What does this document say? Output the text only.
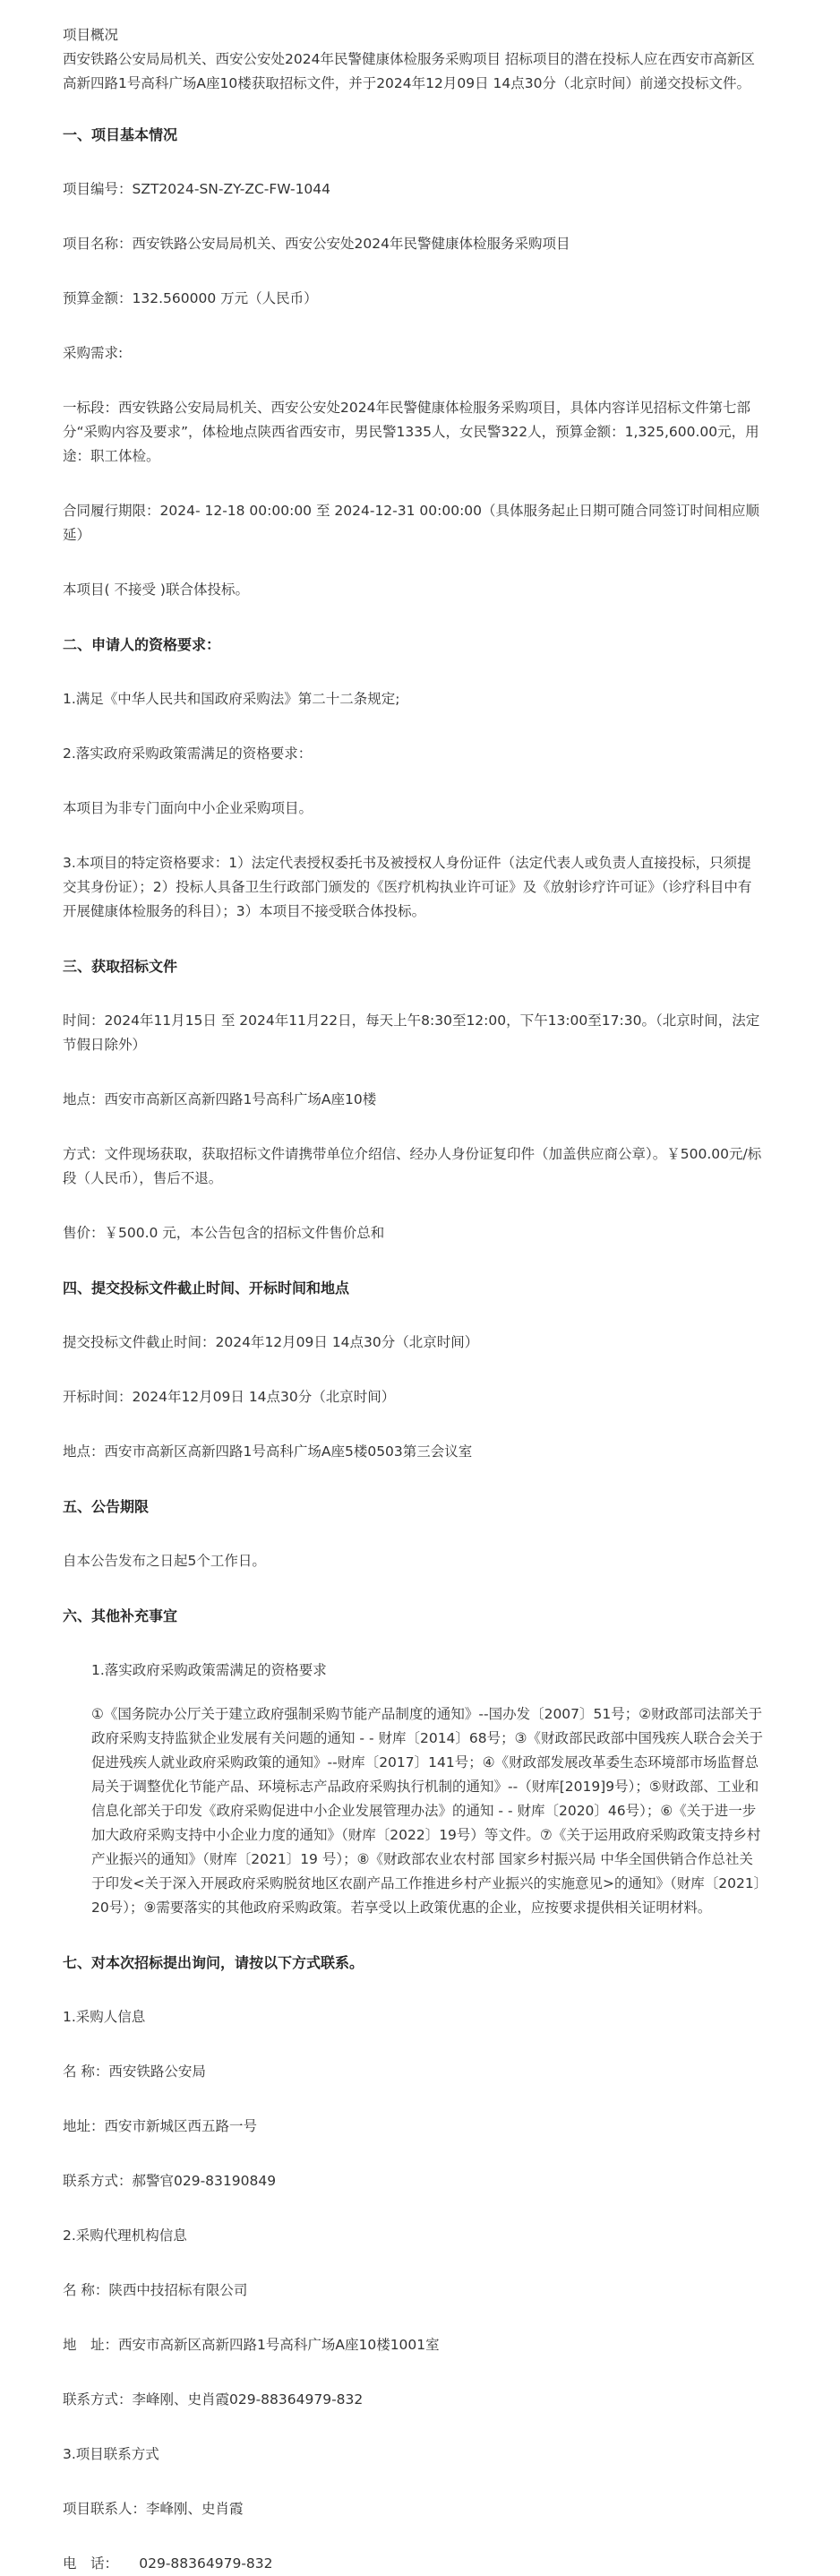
项目概况

西安铁路公安局局机关、西安公安处2024年民警健康体检服务采购项目 招标项目的潜在投标人应在西安市高新区高新四路1号高科广场A座10楼获取招标文件，并于2024年12月09日 14点30分（北京时间）前递交投标文件。

一、项目基本情况

项目编号：SZT2024-SN-ZY-ZC-FW-1044

项目名称：西安铁路公安局局机关、西安公安处2024年民警健康体检服务采购项目

预算金额：132.560000 万元（人民币）

采购需求:

一标段：西安铁路公安局局机关、西安公安处2024年民警健康体检服务采购项目，具体内容详见招标文件第七部分“采购内容及要求”，体检地点陕西省西安市，男民警1335人，女民警322人，预算金额：1,325,600.00元，用途：职工体检。

合同履行期限：2024- 12-18 00:00:00 至 2024-12-31 00:00:00（具体服务起止日期可随合同签订时间相应顺延）

本项目( 不接受 )联合体投标。

二、申请人的资格要求：

1.满足《中华人民共和国政府采购法》第二十二条规定;

2.落实政府采购政策需满足的资格要求：

本项目为非专门面向中小企业采购项目。

3.本项目的特定资格要求：1）法定代表授权委托书及被授权人身份证件（法定代表人或负责人直接投标，只须提交其身份证）；2）投标人具备卫生行政部门颁发的《医疗机构执业许可证》及《放射诊疗许可证》（诊疗科目中有开展健康体检服务的科目）；3）本项目不接受联合体投标。

三、获取招标文件

时间：2024年11月15日 至 2024年11月22日，每天上午8:30至12:00，下午13:00至17:30。（北京时间，法定节假日除外）

地点：西安市高新区高新四路1号高科广场A座10楼

方式：文件现场获取，获取招标文件请携带单位介绍信、经办人身份证复印件（加盖供应商公章）。￥500.00元/标段（人民币），售后不退。

售价：￥500.0 元，本公告包含的招标文件售价总和

四、提交投标文件截止时间、开标时间和地点

提交投标文件截止时间：2024年12月09日 14点30分（北京时间）

开标时间：2024年12月09日 14点30分（北京时间）

地点：西安市高新区高新四路1号高科广场A座5楼0503第三会议室

五、公告期限

自本公告发布之日起5个工作日。

六、其他补充事宜

1.落实政府采购政策需满足的资格要求

①《国务院办公厅关于建立政府强制采购节能产品制度的通知》--国办发〔2007〕51号；②财政部司法部关于政府采购支持监狱企业发展有关问题的通知 - - 财库〔2014〕68号；③《财政部民政部中国残疾人联合会关于促进残疾人就业政府采购政策的通知》--财库〔2017〕141号；④《财政部发展改革委生态环境部市场监督总局关于调整优化节能产品、环境标志产品政府采购执行机制的通知》--（财库[2019]9号）；⑤财政部、工业和信息化部关于印发《政府采购促进中小企业发展管理办法》的通知 - - 财库〔2020〕46号）；⑥《关于进一步加大政府采购支持中小企业力度的通知》（财库〔2022〕19号）等文件。⑦《关于运用政府采购政策支持乡村产业振兴的通知》（财库〔2021〕19 号）；⑧《财政部农业农村部 国家乡村振兴局 中华全国供销合作总社关于印发<关于深入开展政府采购脱贫地区农副产品工作推进乡村产业振兴的实施意见>的通知》（财库〔2021〕20号）；⑨需要落实的其他政府采购政策。若享受以上政策优惠的企业，应按要求提供相关证明材料。

七、对本次招标提出询问，请按以下方式联系。

1.采购人信息

名 称：西安铁路公安局

地址：西安市新城区西五路一号

联系方式：郝警官029-83190849

2.采购代理机构信息

名 称：陕西中技招标有限公司

地　址：西安市高新区高新四路1号高科广场A座10楼1001室

联系方式：李峰刚、史肖霞029-88364979-832

3.项目联系方式

项目联系人：李峰刚、史肖霞

电　话：　　029-88364979-832
